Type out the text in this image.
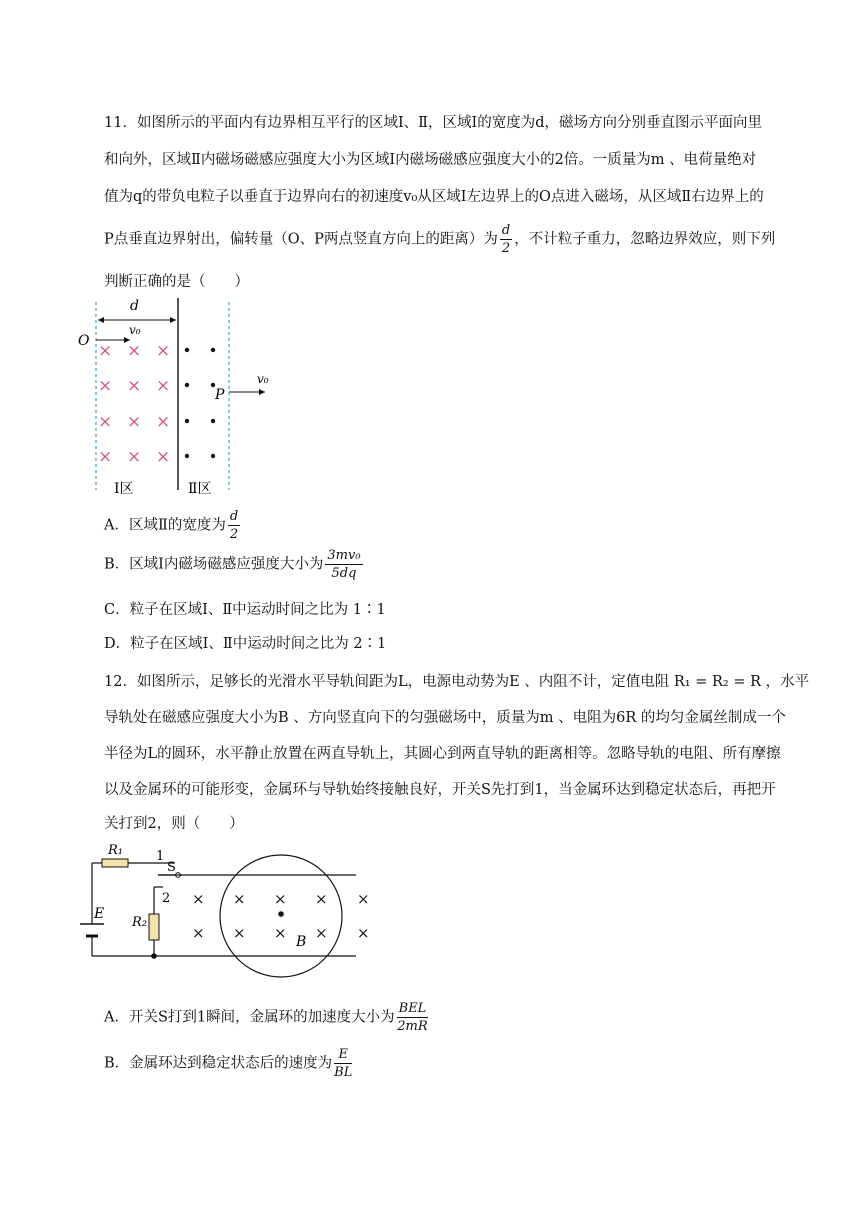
11．如图所示的平面内有边界相互平行的区域Ⅰ、Ⅱ，区域Ⅰ的宽度为d，磁场方向分别垂直图示平面向里
和向外，区域Ⅱ内磁场磁感应强度大小为区域Ⅰ内磁场磁感应强度大小的2倍。一质量为m 、电荷量绝对
值为q的带负电粒子以垂直于边界向右的初速度v₀从区域Ⅰ左边界上的O点进入磁场，从区域Ⅱ右边界上的
P点垂直边界射出，偏转量（O、P两点竖直方向上的距离）为 $\frac{d}{2}$ ，不计粒子重力，忽略边界效应，则下列
判断正确的是（　　）
d
O
v₀
× × ×
× × ×
× × ×
× × ×
P
v₀
Ⅰ区	Ⅱ区
A．区域Ⅱ的宽度为 $\frac{d}{2}$
B．区域Ⅰ内磁场磁感应强度大小为 $\frac{\text{3mv₀}}{5dq}$
C．粒子在区域Ⅰ、Ⅱ中运动时间之比为 1∶1
D．粒子在区域Ⅰ、Ⅱ中运动时间之比为 2∶1
12．如图所示，足够长的光滑水平导轨间距为L，电源电动势为E 、内阻不计，定值电阻 R₁ = R₂ = R ，水平
导轨处在磁感应强度大小为B 、方向竖直向下的匀强磁场中，质量为m 、电阻为6R 的均匀金属丝制成一个
半径为L的圆环，水平静止放置在两直导轨上，其圆心到两直导轨的距离相等。忽略导轨的电阻、所有摩擦
以及金属环的可能形变，金属环与导轨始终接触良好，开关S先打到1，当金属环达到稳定状态后，再把开
关打到2，则（　　）
E
R₁	1
S
2
R₂
× × × × ×
× × × × ×
B
A．开关S打到1瞬间，金属环的加速度大小为 $\frac{\text{BEL}}{2mR}$
B．金属环达到稳定状态后的速度为 $\frac{E}{BL}$
